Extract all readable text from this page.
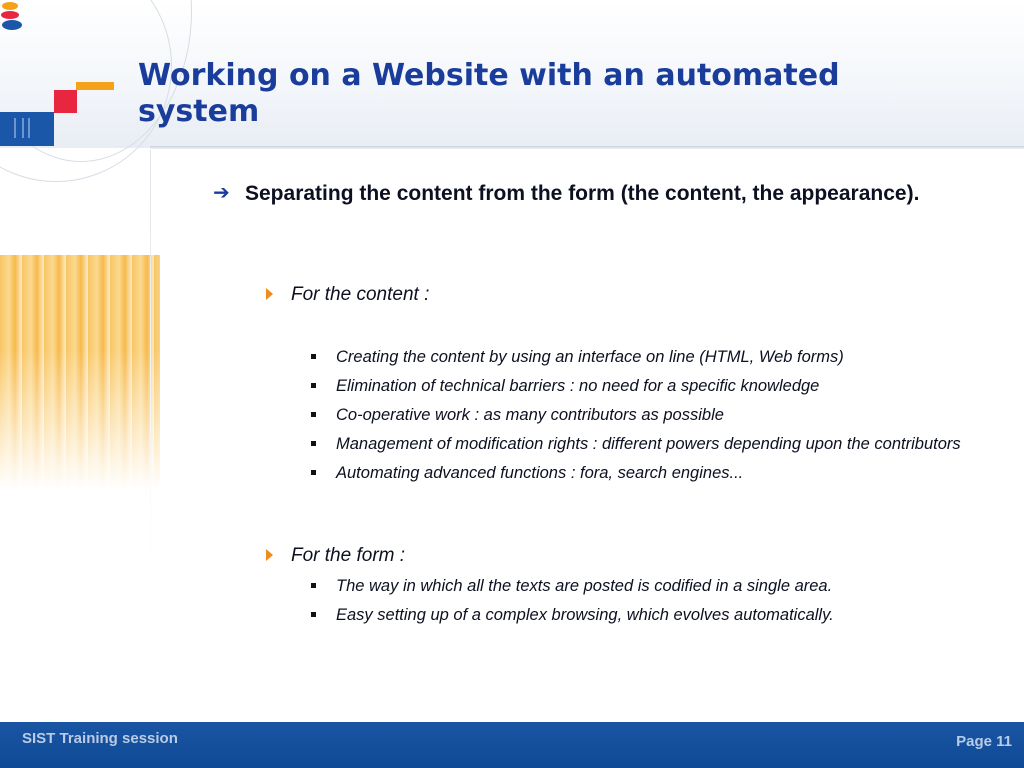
Working on a Website with an automated system
➔ Separating the content from the form (the content, the appearance).
For the content :
Creating the content by using an interface on line (HTML, Web forms)
Elimination of technical barriers : no need for a specific knowledge
Co-operative work : as many contributors as possible
Management of modification rights : different powers depending upon the contributors
Automating advanced functions : fora, search engines...
For the form :
The way in which all the texts are posted is codified in a single area.
Easy setting up of a complex browsing, which evolves automatically.
SIST Training session	Page 11
